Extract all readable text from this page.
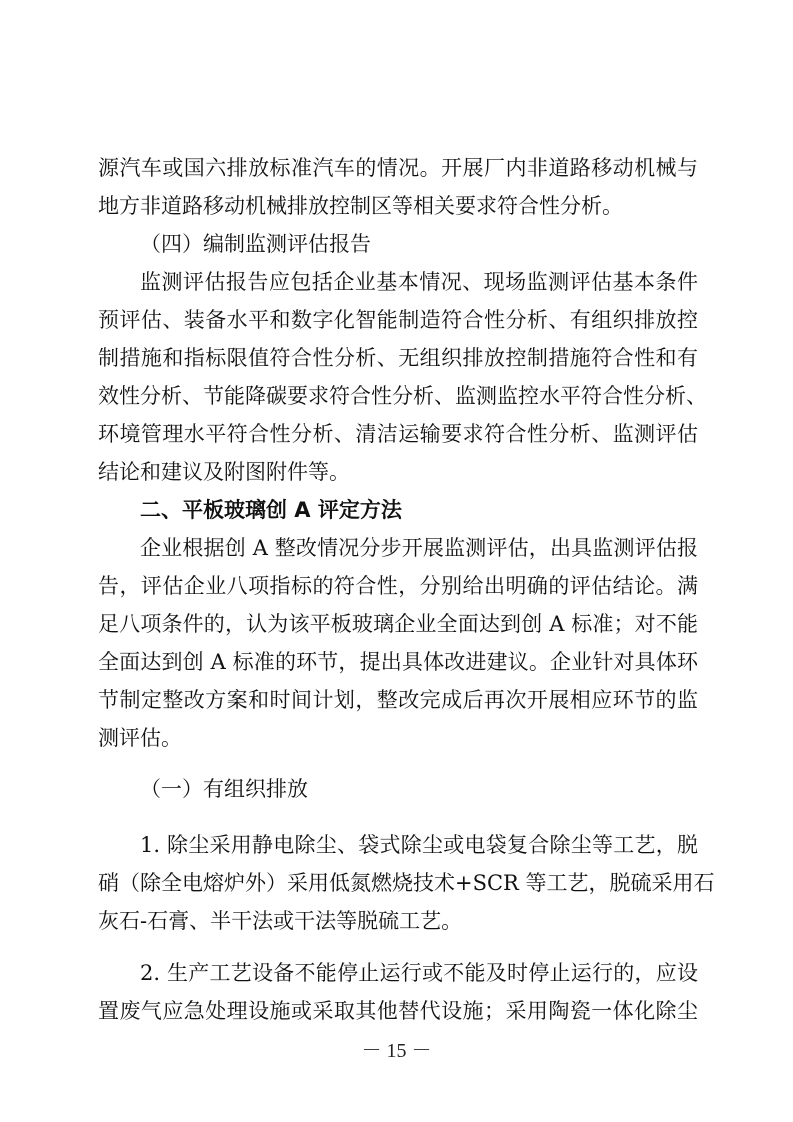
源汽车或国六排放标准汽车的情况。开展厂内非道路移动机械与
地方非道路移动机械排放控制区等相关要求符合性分析。
（四）编制监测评估报告
监测评估报告应包括企业基本情况、现场监测评估基本条件
预评估、装备水平和数字化智能制造符合性分析、有组织排放控
制措施和指标限值符合性分析、无组织排放控制措施符合性和有
效性分析、节能降碳要求符合性分析、监测监控水平符合性分析、
环境管理水平符合性分析、清洁运输要求符合性分析、监测评估
结论和建议及附图附件等。
二、平板玻璃创 A 评定方法
企业根据创 A 整改情况分步开展监测评估，出具监测评估报
告，评估企业八项指标的符合性，分别给出明确的评估结论。满
足八项条件的，认为该平板玻璃企业全面达到创 A 标准；对不能
全面达到创 A 标准的环节，提出具体改进建议。企业针对具体环
节制定整改方案和时间计划，整改完成后再次开展相应环节的监
测评估。
（一）有组织排放
1. 除尘采用静电除尘、袋式除尘或电袋复合除尘等工艺，脱
硝（除全电熔炉外）采用低氮燃烧技术+SCR 等工艺，脱硫采用石
灰石-石膏、半干法或干法等脱硫工艺。
2. 生产工艺设备不能停止运行或不能及时停止运行的，应设
置废气应急处理设施或采取其他替代设施；采用陶瓷一体化除尘
－ 15 －
